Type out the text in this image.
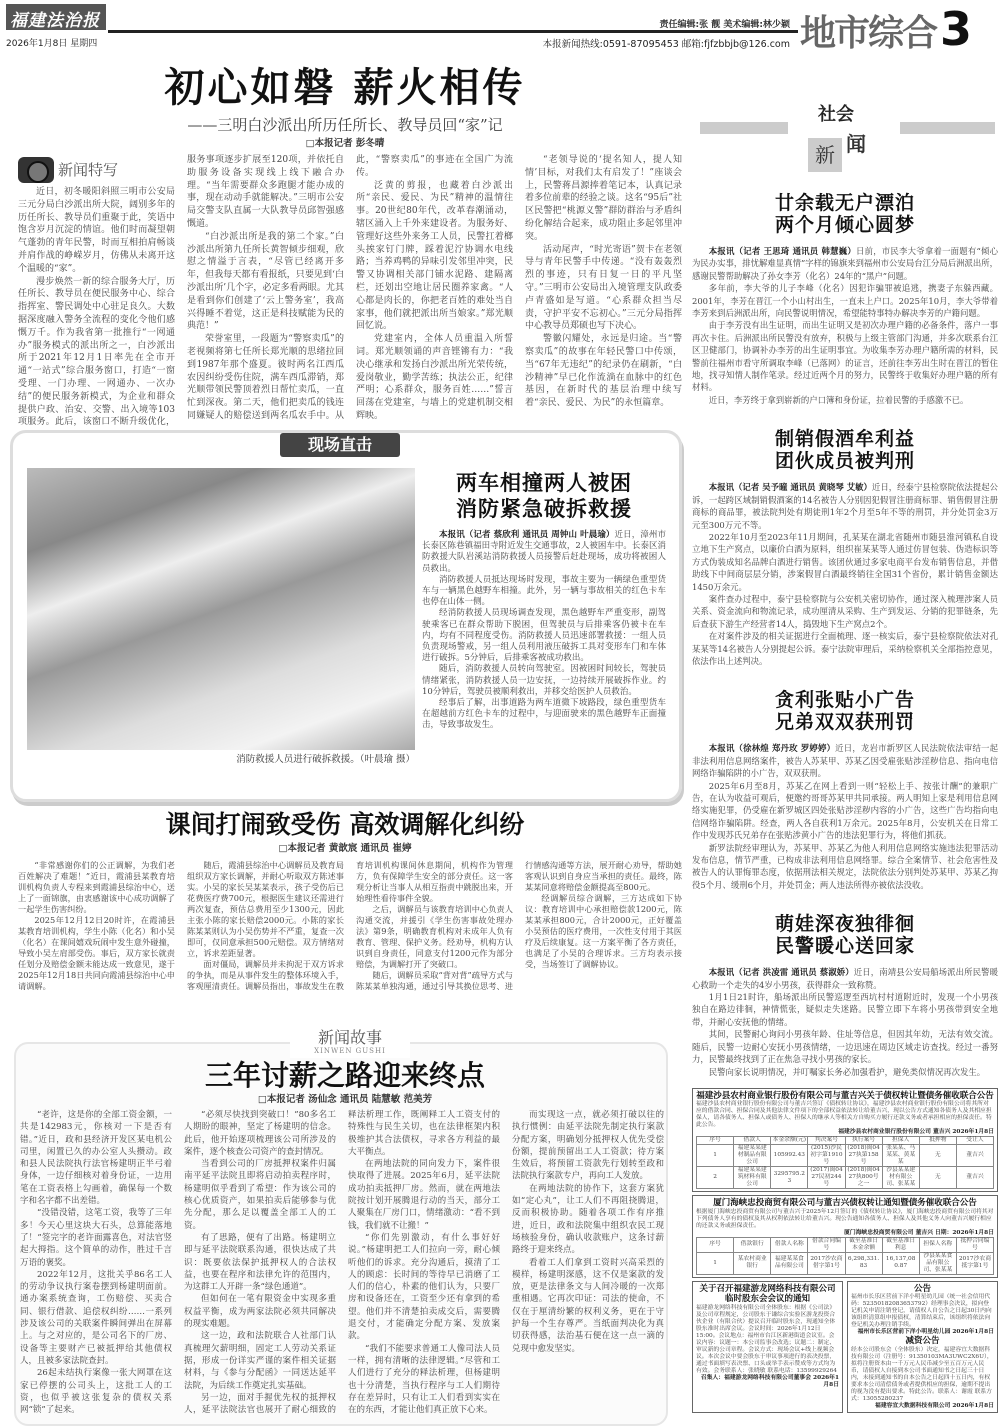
福建法治报
2026年1月8日 星期四
责任编辑:张 靓 美术编辑:林少颖
本报新闻热线:0591-87095453 邮箱:fjfzbbjb@126.com 地市综合3
初心如磐 薪火相传
——三明白沙派出所历任所长、教导员回“家”记
□本报记者 彭冬晴
新闻特写

近日，初冬暖阳斜照三明市公安局三元分局白沙派出所大院，阔别多年的历任所长、教导员们重聚于此，笑语中饱含岁月沉淀的情谊。他们时而凝望朝气蓬勃的青年民警，时而互相拍肩畅谈并肩作战的峥嵘岁月，仿佛从未离开这个温暖的“家”。

漫步焕然一新的综合服务大厅，历任所长、教导员在便民服务中心、综合指挥室、警民调处中心驻足良久。大数据深度融入警务全流程的变化令他们感慨万千。作为我省第一批推行“一网通办”服务模式的派出所之一，白沙派出所于2021年12月1日率先在全市开通“一站式”综合服务窗口，打造“一窗受理、一门办理、一网通办、一次办结”的便民服务新模式，为企业和群众提供户政、治安、交警、出入境等103项服务。此后，该窗口不断升级优化，服务事项逐步扩展至120项，并依托自助服务设备实现线上线下融合办理。“当年需要群众多跑腿才能办成的事，现在动动手就能解决。”三明市公安局交警支队直属一大队教导员邱智强感慨道。

“白沙派出所是我的第二个家。”白沙派出所第九任所长黄智倾步细观，欣慰之情溢于言表，“尽管已经离开多年，但我每天都有看报纸，只要见到‘白沙派出所’几个字，必定多看两眼。尤其是看到你们创建了‘云上警务室’，我高兴得睡不着觉，这正是科技赋能为民的典范！”

荣誉室里，一段题为“警察卖瓜”的老视频将第七任所长郑光顺的思绪拉回到1987年那个盛夏。彼时两名江西瓜农因纠纷受伤住院，满车西瓜滞销，郑光顺带领民警顶着烈日帮忙卖瓜，一直忙到深夜。第二天，他们把卖瓜的钱连同嫌疑人的赔偿送到两名瓜农手中。从此，“警察卖瓜”的事迹在全国广为流传。

泛黄的剪报，也藏着白沙派出所“亲民、爱民、为民”精神的温情往事。20世纪80年代，改革春潮涌动，辖区涌入上千外来建设者。为服务好、管理好这些外来务工人员，民警扛着榔头挨家钉门牌，踩着泥泞协调水电线路；当养鸡鸭的异味引发邻里冲突，民警又协调相关部门铺水泥路、建隔离栏，还划出空地让居民圈养家禽。“人心都是肉长的，你把老百姓的难处当自家事，他们就把派出所当娘家。”郑光顺回忆说。

党建室内，全体人员重温入所誓词。郑光顺领诵的声音铿锵有力：“我决心继承和发扬白沙派出所光荣传统，爱岗敬业，勤学苦练；执法公正，纪律严明；心系群众，服务百姓……”誓言回荡在党建室，与墙上的党建机制交相辉映。

“老领导说的‘提名知人，提人知情’目标，对我们太有启发了！”座谈会上，民警蒋昌源捧着笔记本，认真记录着多位前辈的经验之谈。这名“95后”社区民警把“桃源义警”群防群治与矛盾纠纷化解结合起来，成功阻止多起邻里冲突。

活动尾声，“时光寄语”贺卡在老领导与青年民警手中传递。“没有轰轰烈烈的事迹，只有日复一日的平凡坚守。”三明市公安局出入境管理支队政委卢青盛如是写道。“心系群众担当尽责，守护平安不忘初心。”三元分局指挥中心教导员郑硕也写下决心。

警徽闪耀处，永远是归途。当“警察卖瓜”的故事在年轻民警口中传颂，当“67年无违纪”的纪录仍在刷新，“白沙精神”早已化作流淌在血脉中的红色基因，在新时代的基层治理中续写着“亲民、爱民、为民”的永恒篇章。

社会
新 闻
廿余载无户漂泊
两个月倾心圆梦

本报讯（记者 王思琦 通讯员 韩慧巍）日前，市民李大爷拿着一面题有“倾心为民办实事，排忧解难显真情”字样的锦旗来到福州市公安局台江分局后洲派出所，感谢民警帮助解决了孙女李芳（化名）24年的“黑户”问题。

多年前，李大爷的儿子李峰（化名）因犯诈骗罪被追逃，携妻子东躲西藏。2001年，李芳在晋江一个小山村出生，一直未上户口。2025年10月，李大爷带着李芳来到后洲派出所，向民警说明情况，希望能特事特办解决李芳的户籍问题。

由于李芳没有出生证明，而出生证明又是初次办理户籍的必备条件，落户一事再次卡住。后洲派出所民警没有放弃，积极与上级主管部门沟通，并多次联系台江区卫健部门，协调补办李芳的出生证明事宜。为收集李芳办理户籍所需的材料，民警前往福州市看守所调取李峰（已落网）的证言，还前往李芳出生时在晋江的暂住地，找寻知情人制作笔录。经过近两个月的努力，民警终于收集好办理户籍的所有材料。

近日，李芳终于拿到崭新的户口簿和身份证，拉着民警的手感激不已。

制销假酒牟利益
团伙成员被判刑

本报讯（记者 吴予曈 通讯员 黄晓琴 艾敏）近日，经泰宁县检察院依法提起公诉，一起跨区域制销假酒案的14名被告人分别因犯假冒注册商标罪、销售假冒注册商标的商品罪，被法院判处有期徒刑1年2个月至5年不等的刑罚，并分处罚金3万元至300万元不等。

2022年10月至2023年11月期间，孔某某在湖北省随州市随县淮河镇私自设立地下生产窝点，以廉价白酒为原料，组织崔某某等人通过仿冒包装、伪造标识等方式伪装成知名品牌白酒进行销售。该团伙通过多家电商平台发布销售信息，并借助线下中间商层层分销，涉案假冒白酒最终销往全国31个省份，累计销售金额达1450万余元。

案件查办过程中，泰宁县检察院与公安机关密切协作，通过深入梳理涉案人员关系、资金流向和物流记录，成功厘清从采购、生产到发运、分销的犯罪链条，先后查获下游生产经营者14人，捣毁地下生产窝点2个。

在对案件涉及的相关证据进行全面梳理、逐一核实后，泰宁县检察院依法对孔某某等14名被告人分别提起公诉。泰宁法院审理后，采纳检察机关全部指控意见，依法作出上述判决。

贪利张贴小广告
兄弟双双获刑罚

本报讯（徐林煌 郑丹玫 罗婷婷）近日，龙岩市新罗区人民法院依法审结一起非法利用信息网络案件，被告人苏某甲、苏某乙因受雇张贴涉淫秽信息、指向电信网络诈骗陷阱的小广告，双双获刑。

2025年6月至8月，苏某乙在网上看到一则“轻松上手、按张计酬”的兼职广告，在认为收益可观后，便邀约哥哥苏某甲共同承接。两人明知上家是利用信息网络实施犯罪，仍受雇在新罗城区四处张贴涉淫秽内容的小广告，这些广告均指向电信网络诈骗陷阱。经查，两人各自获利1万余元。2025年8月，公安机关在日常工作中发现苏氏兄弟存在张贴涉黄小广告的违法犯罪行为，将他们抓获。

新罗法院经审理认为，苏某甲、苏某乙为他人利用信息网络实施违法犯罪活动发布信息，情节严重，已构成非法利用信息网络罪。综合全案情节、社会危害性及被告人的认罪悔罪态度，依据刑法相关规定，法院依法分别判处苏某甲、苏某乙拘役5个月、缓刑6个月，并处罚金；两人违法所得亦被依法没收。

萌娃深夜独徘徊
民警暖心送回家

本报讯（记者 洪凌雷 通讯员 蔡淑娇）近日，南靖县公安局船场派出所民警暖心救助一个走失的4岁小男孩，获得群众一致称赞。

1月1日21时许，船场派出所民警巡逻至西坑村村道附近时，发现一个小男孩独自在路边徘徊，神情慌张，疑似走失迷路。民警立即下车将小男孩带到安全地带，并耐心安抚他的情绪。

其间，民警耐心询问小男孩年龄、住址等信息，但因其年幼，无法有效交流。随后，民警一边耐心安抚小男孩情绪，一边迅速在周边区域走访查找。经过一番努力，民警最终找到了正在焦急寻找小男孩的家长。

民警向家长说明情况，并叮嘱家长务必加强看护，避免类似情况再次发生。

福建沙县农村商业银行股份有限公司与董吉兴关于债权转让暨债务催收联合公告
福建沙县农村商业银行股份有限公司与董吉兴签订《债权转让协议》，福建沙县农村商业银行股份有限公司将其所对应的借款合同、担保合同及其他法律文件项下的全部权益依法转让给董吉兴，现以公告方式通知各债务人及其相应担保人，请各债务人、担保人或债务人、担保人的继承人等相关方自购买方履行还款义务或者承担相应的担保责任。特此公告。
福建沙县农村商业银行股份有限公司 董吉兴 2026年1月8日
序号	借款人	本金余额(元)	判决案号	执行案号	担保人	抵押物	受让人
1	福建某某建材制品有限公司	105992.43	(2015)沙民初字第1910号	(2018)闽0427执第158号	张某某、马某某、黄某某	无	董吉兴
2	福建某某建筑材料有限公司	3295795.23	(2017)闽0427民初244号	(2018)闽0427执800号之一	沙县某某建材有限公司、张某某	无	董吉兴
厦门海峡忠投商贸有限公司与董吉兴债权转让通知暨债务催收联合公告
根据厦门海峡忠投商贸有限公司与董吉兴于2025年12月签订的《债权转让协议》，厦门海峡忠投商贸有限公司将其对下列债务人享有的债权及其从权利依法转让给董吉兴。现公告通知各债务人、担保人及其他义务人向董吉兴履行相应的还款义务或担保责任。
厦门海峡忠投商贸有限公司 董吉兴 日期：2026年1月8日
序号	借款银行	借款人名称	借款合同编号	截至基准日本金余额	截至基准日利息	担保人名称	抵押合同编号
1	某农村商业银行	福建某某食品有限公司	2017沙农商借字第1号	6,298,331.83	16,137,080.87	沙县某某食品有限公司、张某某	2017沙农商抵字第1号
关于召开福建游龙网络科技有限公司临时股东会会议的通知
福建游龙网络科技有限公司全体股东：根据《公司法》及公司章程规定，公司股东于谦综合实验区游龙投资合伙企业（有限合伙）提议召开临时股东会，现通知全体股东准时出席会议。会议时间：2026年1月12日15:00。会议地点：福州市台江区新港街道会议室。会议内容：议题一：本公司监事会改选；议题二：制定、审议新的公司章程。会议方式：现场会议+线上视频会议。本次会议中要会股东于审议事项进行的表决投票，通过书面填写表决票、口头或举手表示赞成等方式均为有效。会务联系人：张晓敏 联系电话：13599929264
召集人：福建游龙网络科技有限公司董事会 2026年1月8日
公告
福州市长乐区营前下洋小明星幼儿园（统一社会信用代码：52350182083653792）经理事会决议，拟向登记机关申请注销登记，请债权人自公告之日起30日内向该组织清算组申报债权，清算结束后，该组织将依法向登记机关办理注销手续。
福州市长乐区营前下洋小明星幼儿园 2026年1月8日
减资公告
经本公司股东会（全体股东）决定，福建容宜大数据科技有限公司（注册号：91350103MA3UWC2X6U），拟将注册资本由一千万元人民币减少至五百万元人民币，请债权人自接到本公司书面通知书之日起三十日内，未接到通知书的自本公告之日起四十五日内，有权要求本公司清偿债务或者提供相应的担保，逾期不提出的视为没有提出要求。特此公告。联系人：谢霞 联系方式：13055280237
福建容宜大数据科技有限公司 2026年1月8日
现场直击
消防救援人员进行破拆救援。（叶晨瑜 摄）
两车相撞两人被困
消防紧急破拆救援

本报讯（记者 蔡欣利 通讯员 周钟山 叶晨瑜）近日，漳州市长泰区陈巷镇福田寺附近发生交通事故，2人被困车中。长泰区消防救援大队岩溪站消防救援人员接警后赶赴现场，成功将被困人员救出。

消防救援人员抵达现场时发现，事故主要为一辆绿色重型货车与一辆黑色越野车相撞。此外，另一辆与事故相关的红色卡车也停在山体一侧。

经消防救援人员现场调查发现，黑色越野车严重变形，副驾驶乘客已在群众帮助下脱困，但驾驶员与后排乘客仍被卡在车内，均有不同程度受伤。消防救援人员迅速部署救援：一组人员负责现场警戒，另一组人员利用液压破拆工具对变形车门和车体进行破拆。5分钟后，后排乘客被成功救出。

随后，消防救援人员转向驾驶室。因被困时间较长，驾驶员情绪紧张，消防救援人员一边安抚，一边持续开展破拆作业。约10分钟后，驾驶员被顺利救出，并移交给医护人员救治。

经事后了解，出事道路为两车道微下坡路段，绿色重型货车在超越前方红色卡车的过程中，与迎面驶来的黑色越野车正面撞击，导致事故发生。

课间打闹致受伤 高效调解化纠纷
□本报记者 黄歆宸 通讯员 崔婷

“非常感谢你们的公正调解，为我们老百姓解决了难题！”近日，霞浦县某教育培训机构负责人专程来到霞浦县综治中心，送上了一面锦旗，由衷感谢该中心成功调解了一起学生伤害纠纷。

2025年12月12日20时许，在霞浦县某教育培训机构，学生小陈（化名）和小吴（化名）在课间嬉戏玩闹中发生意外碰撞，导致小吴左肩部受伤。事后，双方家长就责任划分及赔偿金额未能达成一致意见，遂于2025年12月18日共同向霞浦县综治中心申请调解。

随后，霞浦县综治中心调解员及教育局组织双方家长调解，并耐心听取双方陈述事实。小吴的家长吴某某表示，孩子受伤后已花费医疗费700元，根据医生建议还需进行两次复查，预估总费用至少1300元，因此主张小陈的家长赔偿2000元。小陈的家长陈某某则认为小吴伤势并不严重，复查一次即可，仅同意承担500元赔偿。双方情绪对立，诉求差距显著。

面对僵局，调解员并未拘泥于双方诉求的争执，而是从事件发生的整体环境入手，客观厘清责任。调解员指出，事故发生在教育培训机构课间休息期间，机构作为管理方，负有保障学生安全的部分责任。这一客观分析让当事人从相互指责中跳脱出来，开始理性看待事件全貌。

之后，调解员与该教育培训中心负责人沟通交流，并援引《学生伤害事故处理办法》第9条，明确教育机构对未成年人负有教育、管理、保护义务。经劝导，机构方认识到自身责任，同意支付1200元作为部分赔偿，为调解打开了突破口。

随后，调解员采取“背对背”疏导方式与陈某某单独沟通，通过引导其换位思考、进行情感沟通等方法，展开耐心劝导，帮助她客观认识到自身应当承担的责任。最终，陈某某同意将赔偿金额提高至800元。

经调解员综合调解，三方达成如下协议：教育培训中心承担赔偿款1200元，陈某某承担800元，合计2000元，正好覆盖小吴预估的医疗费用，一次性支付用于其医疗及后续康复。这一方案平衡了各方责任，也满足了小吴的合理诉求。三方均表示接受，当场签订了调解协议。

新闻故事
XINWEN GUSHI
三年讨薪之路迎来终点
□本报记者 汤仙念 通讯员 陆慧敏 范美芳

“老许，这是你的全部工资金额，一共是142983元，你核对一下是否有错。”近日，政和县经济开发区某电机公司里，闲置已久的办公室人头攒动。政和县人民法院执行法官杨建明正半弓着身体，一边仔细核对着身份证，一边用笔在工资表格上勾画着，确保每一个数字和名字都不出差错。

“没错没错，这笔工资，我等了三年多！今天心里这块大石头，总算能落地了！”签完字的老许面露喜色，对法官竖起大拇指。这个简单的动作，胜过千言万语的褒奖。

2022年12月，这批关乎86名工人的劳动争议执行案卷摆到杨建明面前。通办案系统查询，工伤赔偿、买卖合同、银行借款、追偿权纠纷……一系列涉及该公司的关联案件瞬间弹出在屏幕上。与之对应的，是公司名下的厂房、设备等主要财产已被抵押给其他债权人，且被多家法院查封。

26起未结执行案像一张大网罩在这家已停摆的公司头上，这批工人的工资，也似乎被这张复杂的债权关系网“锁”了起来。

“必须尽快找到突破口！”80多名工人期盼的眼神，坚定了杨建明的信念。此后，他开始逐项梳理该公司所涉及的案件，逐个核查公司资产的查封情况。

当看到公司的厂房抵押权案件归属南平延平法院且即将启动拍卖程序时，杨建明似乎看到了希望：作为该公司的核心优质资产，如果拍卖后能够参与优先分配，那么足以覆盖全部工人的工资。

有了思路，便有了出路。杨建明立即与延平法院联系沟通，很快达成了共识：既要依法保护抵押权人的合法权益，也要在程序和法律允许的范围内，为这群工人开辟一条“绿色通道”。

但如何在一笔有限资金中实现多重权益平衡，成为两家法院必须共同解决的现实难题。

这一边，政和法院联合人社部门认真梳理欠薪明细，固定工人劳动关系证据，形成一份详实严谨的案件相关证据材料，与《参与分配函》一同送达延平法院，为后续工作奠定扎实基础。

另一边，面对手握优先权的抵押权人，延平法院法官也展开了耐心细致的释法析理工作，既阐释工人工资支付的特殊性与民生关切，也在法律框架内积极维护其合法债权，寻求各方利益的最大平衡点。

在两地法院的同向发力下，案件很快取得了进展。2025年6月，延平法院成功拍卖抵押厂房。然而，就在两地法院按计划开展腾退行动的当天，部分工人聚集在厂房门口，情绪激动：“看不到钱，我们就不让搬！”

“你们先别激动，有什么事好好说。”杨建明把工人们拉向一旁，耐心倾听他们的诉求。充分沟通后，摸清了工人的顾虑：长时间的等待早已消磨了工人们的信心，朴素的他们认为，只要厂房和设备还在，工资至少还有拿到的希望。他们并不清楚拍卖成交后，需要腾退交付，才能确定分配方案、发放案款。

“我们不能要求普通工人像司法人员一样，拥有清晰的法律逻辑。”尽管和工人们进行了充分的释法析理，但杨建明也十分清楚，当执行程序与工人们期待存在差异时，只有让工人们看到实实在在的东西，才能让他们真正放下心来。

而实现这一点，就必须打破以往的执行惯例：由延平法院先制定执行案款分配方案，明确划分抵押权人优先受偿份额，提前预留出工人工资款；待方案生效后，将预留工资款先行划转至政和法院执行案款专户，再向工人发放。

在两地法院的协作下，这套方案犹如“定心丸”，让工人们不再阻挠腾退，反而积极协助。随着各项工作有序推进，近日，政和法院集中组织农民工现场核验身份，确认收款账户，这条讨薪路终于迎来终点。

看着工人们拿到工资时兴高采烈的模样，杨建明深感，这不仅是案款的发放，更是法律条文与人间冷暖的一次郑重相遇。它再次印证：司法的使命，不仅在于厘清纷繁的权利义务，更在于守护每一个生存尊严。当纸面判决化为真切获得感，法治基石便在这一点一滴的兑现中愈发坚实。
